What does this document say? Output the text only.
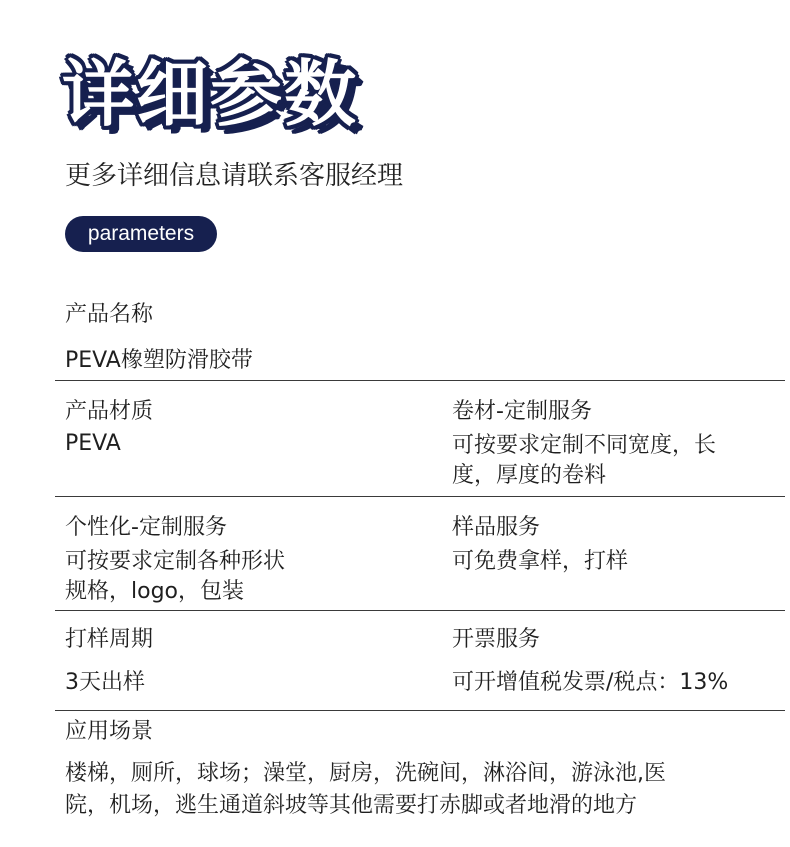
详细参数
更多详细信息请联系客服经理
parameters
产品名称
PEVA橡塑防滑胶带
产品材质
PEVA
卷材-定制服务
可按要求定制不同宽度，长
度，厚度的卷料
个性化-定制服务
可按要求定制各种形状
规格，logo，包装
样品服务
可免费拿样，打样
打样周期
3天出样
开票服务
可开增值税发票/税点：13%
应用场景
楼梯，厕所，球场；澡堂，厨房，洗碗间，淋浴间，游泳池,医
院，机场，逃生通道斜坡等其他需要打赤脚或者地滑的地方
